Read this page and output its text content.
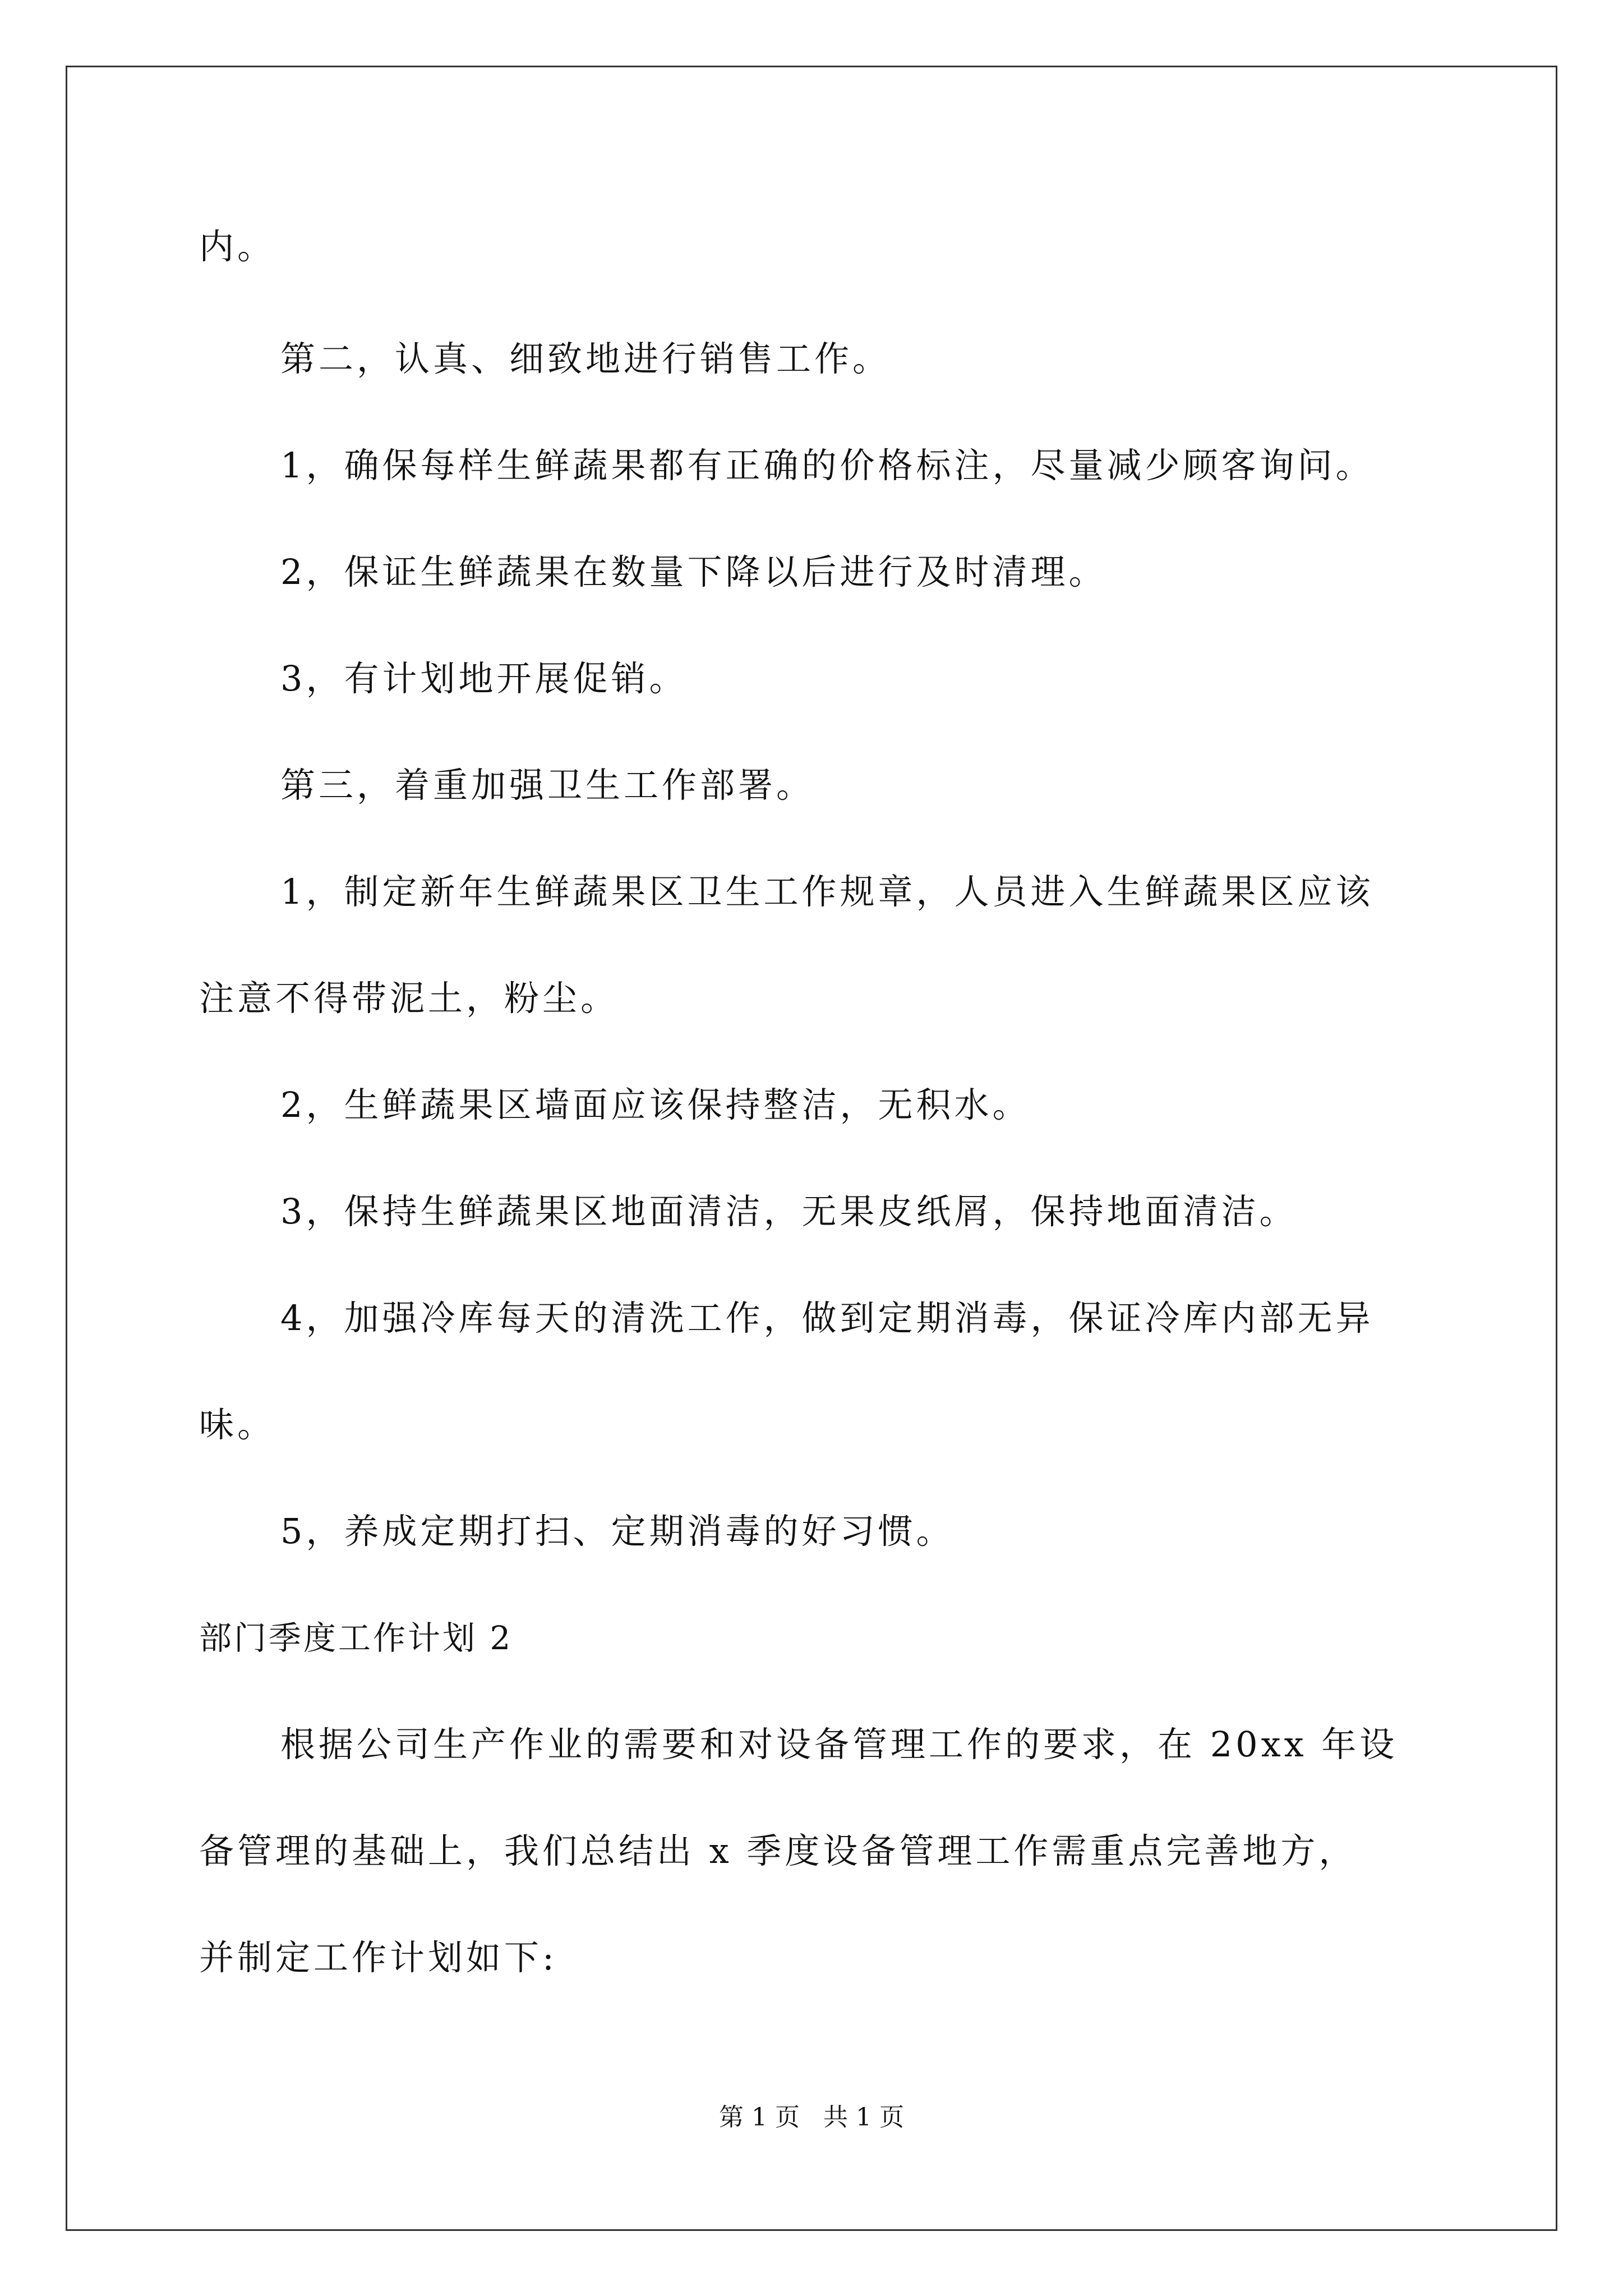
内。
第二，认真、细致地进行销售工作。
1，确保每样生鲜蔬果都有正确的价格标注，尽量减少顾客询问。
2，保证生鲜蔬果在数量下降以后进行及时清理。
3，有计划地开展促销。
第三，着重加强卫生工作部署。
1，制定新年生鲜蔬果区卫生工作规章，人员进入生鲜蔬果区应该
注意不得带泥土，粉尘。
2，生鲜蔬果区墙面应该保持整洁，无积水。
3，保持生鲜蔬果区地面清洁，无果皮纸屑，保持地面清洁。
4，加强冷库每天的清洗工作，做到定期消毒，保证冷库内部无异
味。
5，养成定期打扫、定期消毒的好习惯。
部门季度工作计划 2
根据公司生产作业的需要和对设备管理工作的要求，在 20xx 年设
备管理的基础上，我们总结出 x 季度设备管理工作需重点完善地方，
并制定工作计划如下:
第 1 页   共 1 页
